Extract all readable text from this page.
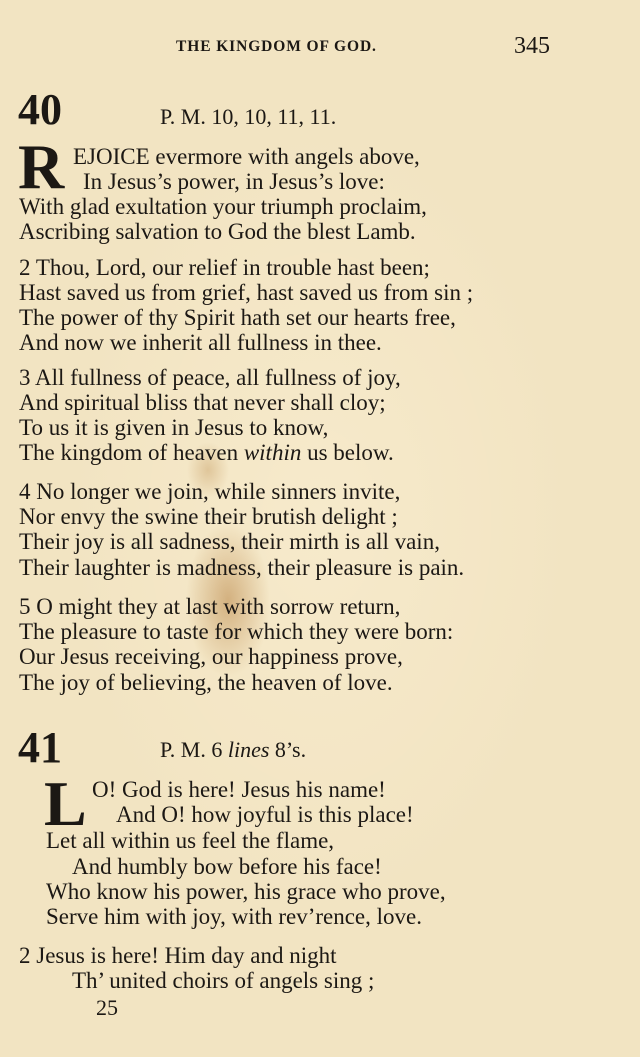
THE KINGDOM OF GOD.	345
40	P. M. 10, 10, 11, 11.
R EJOICE evermore with angels above,
In Jesus’s power, in Jesus’s love:
With glad exultation your triumph proclaim,
Ascribing salvation to God the blest Lamb.
2 Thou, Lord, our relief in trouble hast been;
Hast saved us from grief, hast saved us from sin ;
The power of thy Spirit hath set our hearts free,
And now we inherit all fullness in thee.
3 All fullness of peace, all fullness of joy,
And spiritual bliss that never shall cloy;
To us it is given in Jesus to know,
The kingdom of heaven within us below.
4 No longer we join, while sinners invite,
Nor envy the swine their brutish delight ;
Their joy is all sadness, their mirth is all vain,
Their laughter is madness, their pleasure is pain.
5 O might they at last with sorrow return,
The pleasure to taste for which they were born:
Our Jesus receiving, our happiness prove,
The joy of believing, the heaven of love.
41	P. M. 6 lines 8’s.
L O! God is here! Jesus his name!
And O! how joyful is this place!
Let all within us feel the flame,
And humbly bow before his face!
Who know his power, his grace who prove,
Serve him with joy, with rev’rence, love.
2 Jesus is here! Him day and night
Th’ united choirs of angels sing ;
25
